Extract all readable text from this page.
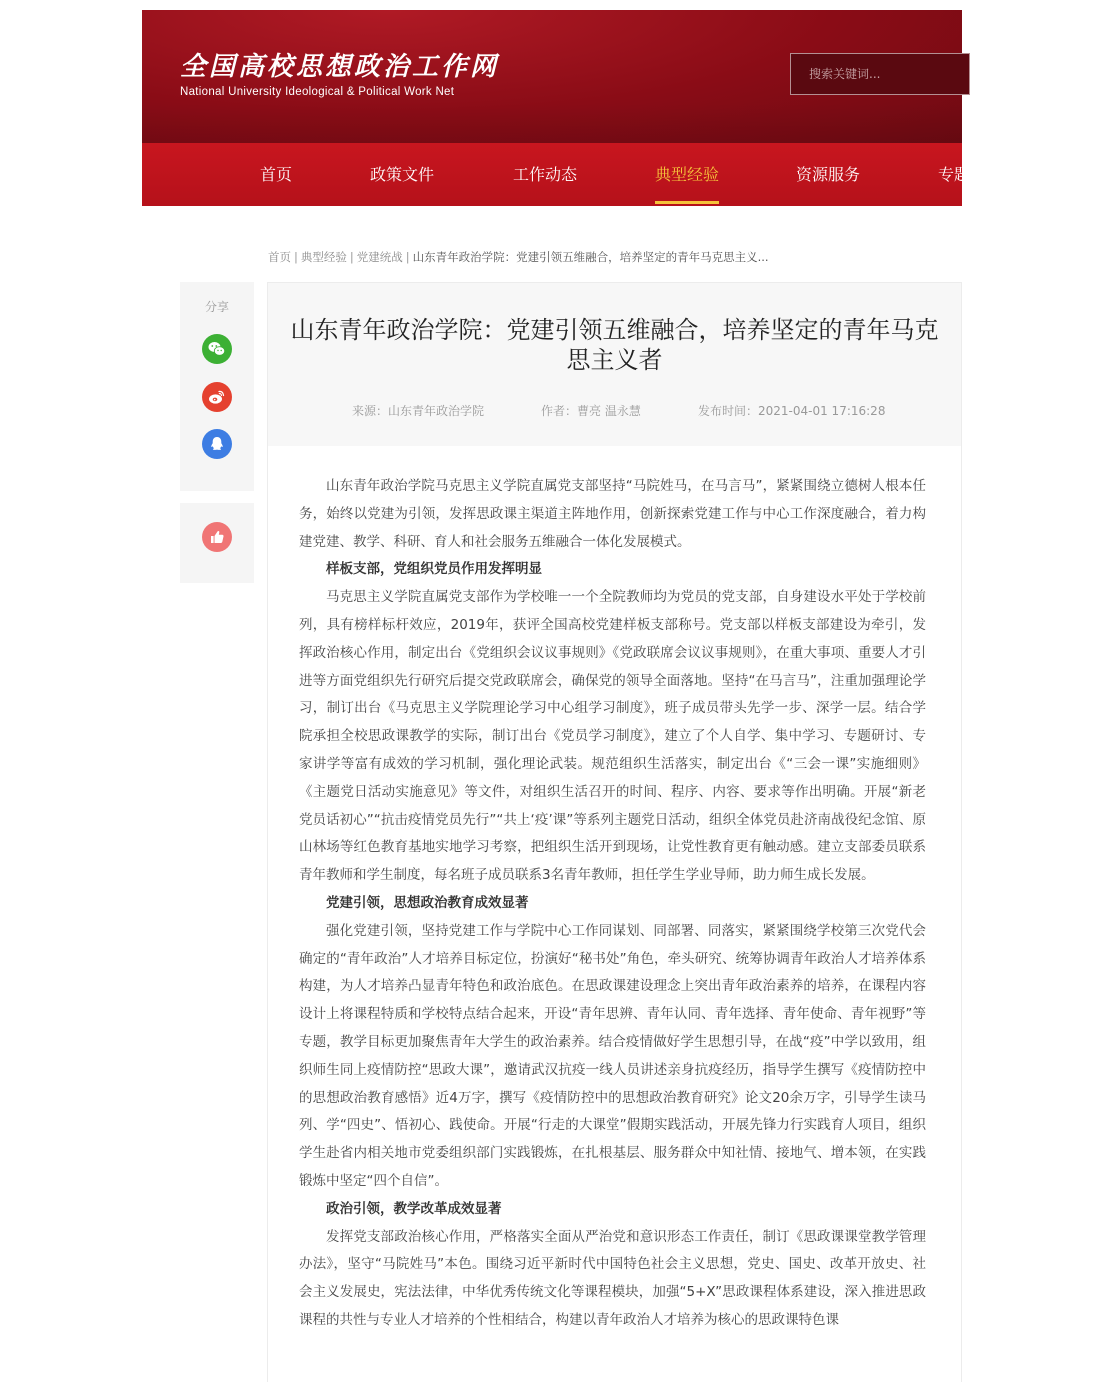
全国高校思想政治工作网
National University Ideological & Political Work Net
搜索关键词...
首页	政策文件	工作动态	典型经验	资源服务	专题
首页 | 典型经验 | 党建统战 | 山东青年政治学院：党建引领五维融合，培养坚定的青年马克思主义...
分享
山东青年政治学院：党建引领五维融合，培养坚定的青年马克思主义者
来源：山东青年政治学院	作者：曹亮 温永慧	发布时间：2021-04-01 17:16:28

山东青年政治学院马克思主义学院直属党支部坚持“马院姓马，在马言马”，紧紧围绕立德树人根本任务，始终以党建为引领，发挥思政课主渠道主阵地作用，创新探索党建工作与中心工作深度融合，着力构建党建、教学、科研、育人和社会服务五维融合一体化发展模式。

样板支部，党组织党员作用发挥明显

马克思主义学院直属党支部作为学校唯一一个全院教师均为党员的党支部，自身建设水平处于学校前列，具有榜样标杆效应，2019年，获评全国高校党建样板支部称号。党支部以样板支部建设为牵引，发挥政治核心作用，制定出台《党组织会议议事规则》《党政联席会议议事规则》，在重大事项、重要人才引进等方面党组织先行研究后提交党政联席会，确保党的领导全面落地。坚持“在马言马”，注重加强理论学习，制订出台《马克思主义学院理论学习中心组学习制度》，班子成员带头先学一步、深学一层。结合学院承担全校思政课教学的实际，制订出台《党员学习制度》，建立了个人自学、集中学习、专题研讨、专家讲学等富有成效的学习机制，强化理论武装。规范组织生活落实，制定出台《“三会一课”实施细则》《主题党日活动实施意见》等文件，对组织生活召开的时间、程序、内容、要求等作出明确。开展“新老党员话初心”“抗击疫情党员先行”“共上‘疫’课”等系列主题党日活动，组织全体党员赴济南战役纪念馆、原山林场等红色教育基地实地学习考察，把组织生活开到现场，让党性教育更有触动感。建立支部委员联系青年教师和学生制度，每名班子成员联系3名青年教师，担任学生学业导师，助力师生成长发展。

党建引领，思想政治教育成效显著

强化党建引领，坚持党建工作与学院中心工作同谋划、同部署、同落实，紧紧围绕学校第三次党代会确定的“青年政治”人才培养目标定位，扮演好“秘书处”角色，牵头研究、统筹协调青年政治人才培养体系构建，为人才培养凸显青年特色和政治底色。在思政课建设理念上突出青年政治素养的培养，在课程内容设计上将课程特质和学校特点结合起来，开设“青年思辨、青年认同、青年选择、青年使命、青年视野”等专题，教学目标更加聚焦青年大学生的政治素养。结合疫情做好学生思想引导，在战“疫”中学以致用，组织师生同上疫情防控“思政大课”，邀请武汉抗疫一线人员讲述亲身抗疫经历，指导学生撰写《疫情防控中的思想政治教育感悟》近4万字，撰写《疫情防控中的思想政治教育研究》论文20余万字，引导学生读马列、学“四史”、悟初心、践使命。开展“行走的大课堂”假期实践活动，开展先锋力行实践育人项目，组织学生赴省内相关地市党委组织部门实践锻炼，在扎根基层、服务群众中知社情、接地气、增本领，在实践锻炼中坚定“四个自信”。

政治引领，教学改革成效显著

发挥党支部政治核心作用，严格落实全面从严治党和意识形态工作责任，制订《思政课课堂教学管理办法》，坚守“马院姓马”本色。围绕习近平新时代中国特色社会主义思想，党史、国史、改革开放史、社会主义发展史，宪法法律，中华优秀传统文化等课程模块，加强“5+X”思政课程体系建设，深入推进思政课程的共性与专业人才培养的个性相结合，构建以青年政治人才培养为核心的思政课特色课
